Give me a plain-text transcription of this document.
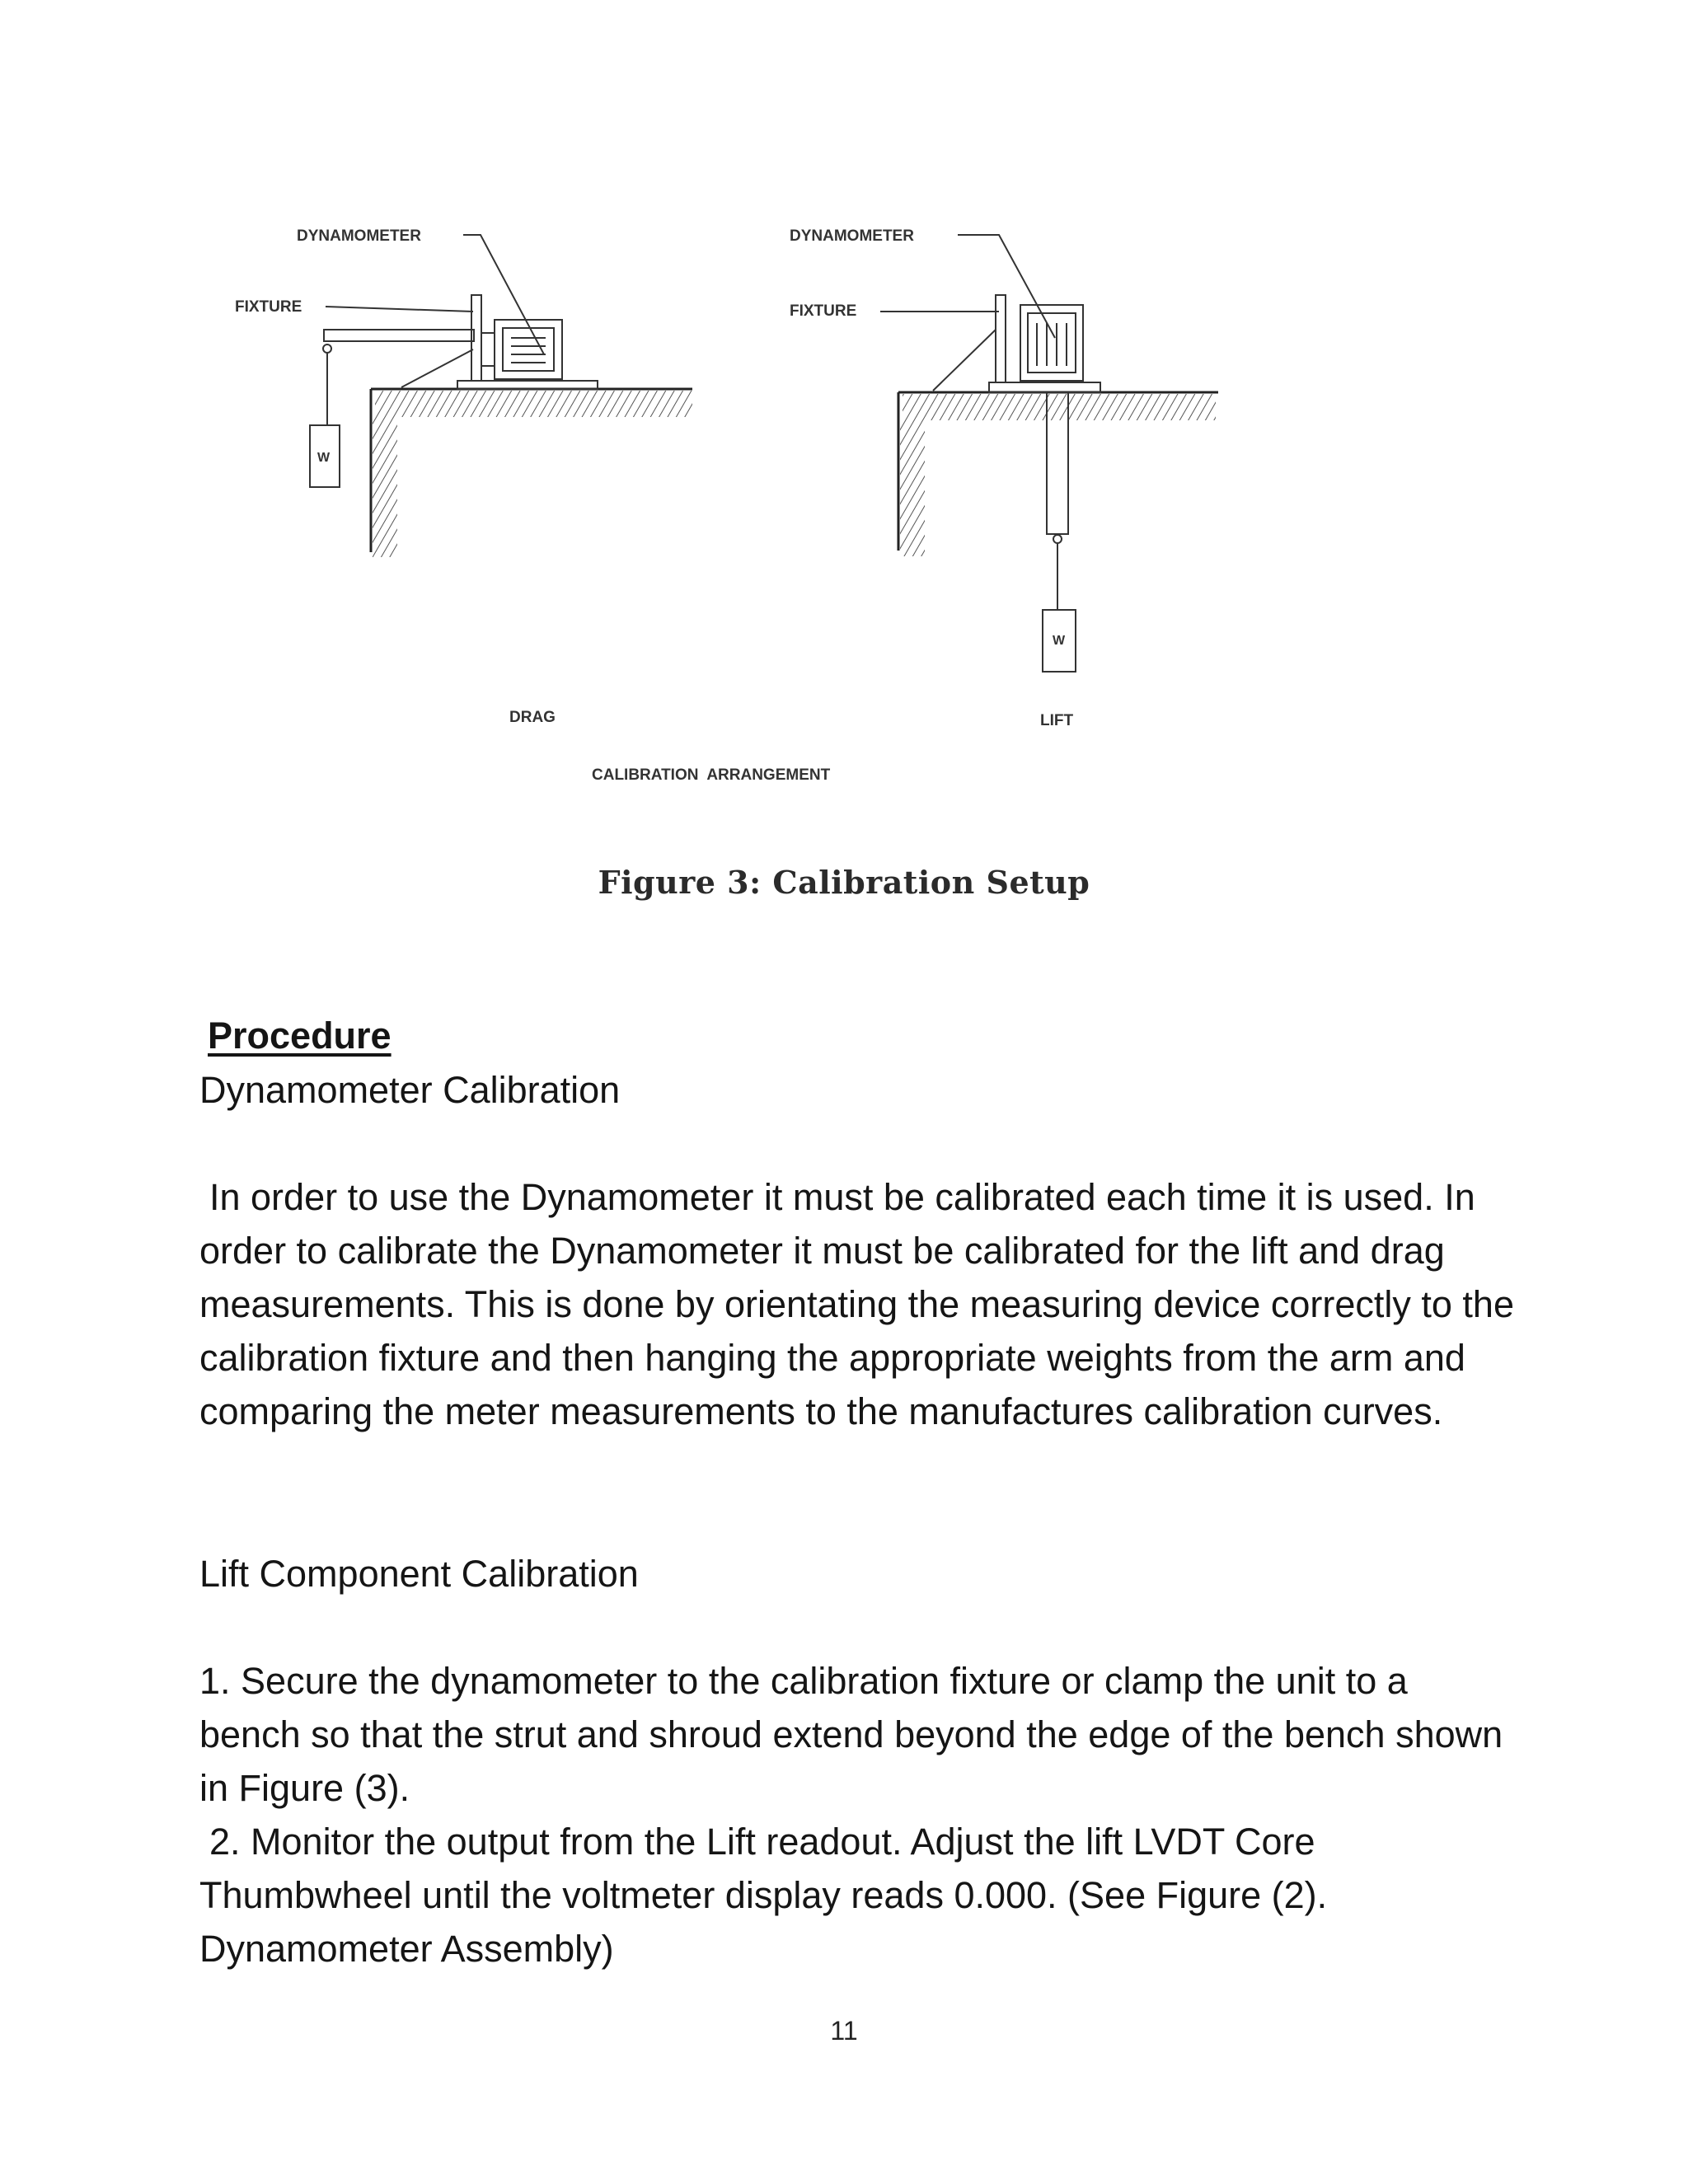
DYNAMOMETER
FIXTURE
W
DYNAMOMETER
FIXTURE
W
DRAG	LIFT
CALIBRATION  ARRANGEMENT
Figure 3: Calibration Setup
Procedure
Dynamometer Calibration

In order to use the Dynamometer it must be calibrated each time it is used. In order to calibrate the Dynamometer it must be calibrated for the lift and drag measurements. This is done by orientating the measuring device correctly to the calibration fixture and then hanging the appropriate weights from the arm and comparing the meter measurements to the manufactures calibration curves.

Lift Component Calibration

1. Secure the dynamometer to the calibration fixture or clamp the unit to a bench so that the strut and shroud extend beyond the edge of the bench shown in Figure (3).

2. Monitor the output from the Lift readout. Adjust the lift LVDT Core Thumbwheel until the voltmeter display reads 0.000. (See Figure (2). Dynamometer Assembly)

11
